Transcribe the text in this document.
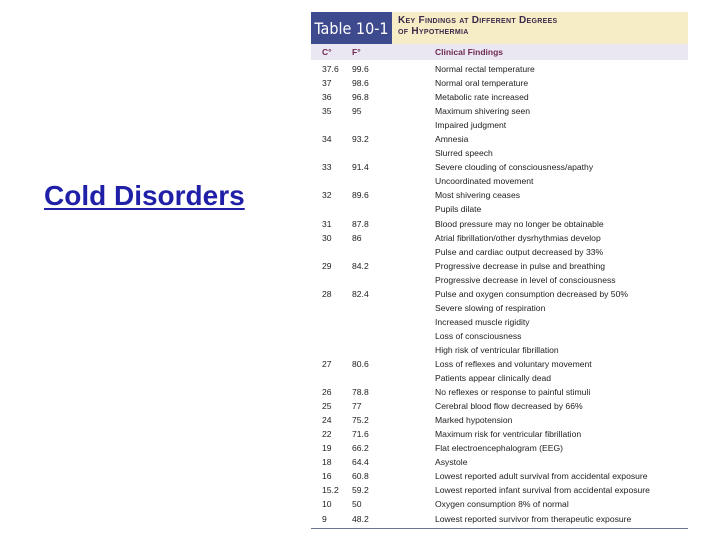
Cold Disorders
Table 10-1 Key Findings at Different Degrees
of Hypothermia
C°	F°	Clinical Findings
37.6	99.6	Normal rectal temperature
37	98.6	Normal oral temperature
36	96.8	Metabolic rate increased
35	95	Maximum shivering seen
Impaired judgment
34	93.2	Amnesia
Slurred speech
33	91.4	Severe clouding of consciousness/apathy
Uncoordinated movement
32	89.6	Most shivering ceases
Pupils dilate
31	87.8	Blood pressure may no longer be obtainable
30	86	Atrial fibrillation/other dysrhythmias develop
Pulse and cardiac output decreased by 33%
29	84.2	Progressive decrease in pulse and breathing
Progressive decrease in level of consciousness
28	82.4	Pulse and oxygen consumption decreased by 50%
Severe slowing of respiration
Increased muscle rigidity
Loss of consciousness
High risk of ventricular fibrillation
27	80.6	Loss of reflexes and voluntary movement
Patients appear clinically dead
26	78.8	No reflexes or response to painful stimuli
25	77	Cerebral blood flow decreased by 66%
24	75.2	Marked hypotension
22	71.6	Maximum risk for ventricular fibrillation
19	66.2	Flat electroencephalogram (EEG)
18	64.4	Asystole
16	60.8	Lowest reported adult survival from accidental exposure
15.2	59.2	Lowest reported infant survival from accidental exposure
10	50	Oxygen consumption 8% of normal
9	48.2	Lowest reported survivor from therapeutic exposure
